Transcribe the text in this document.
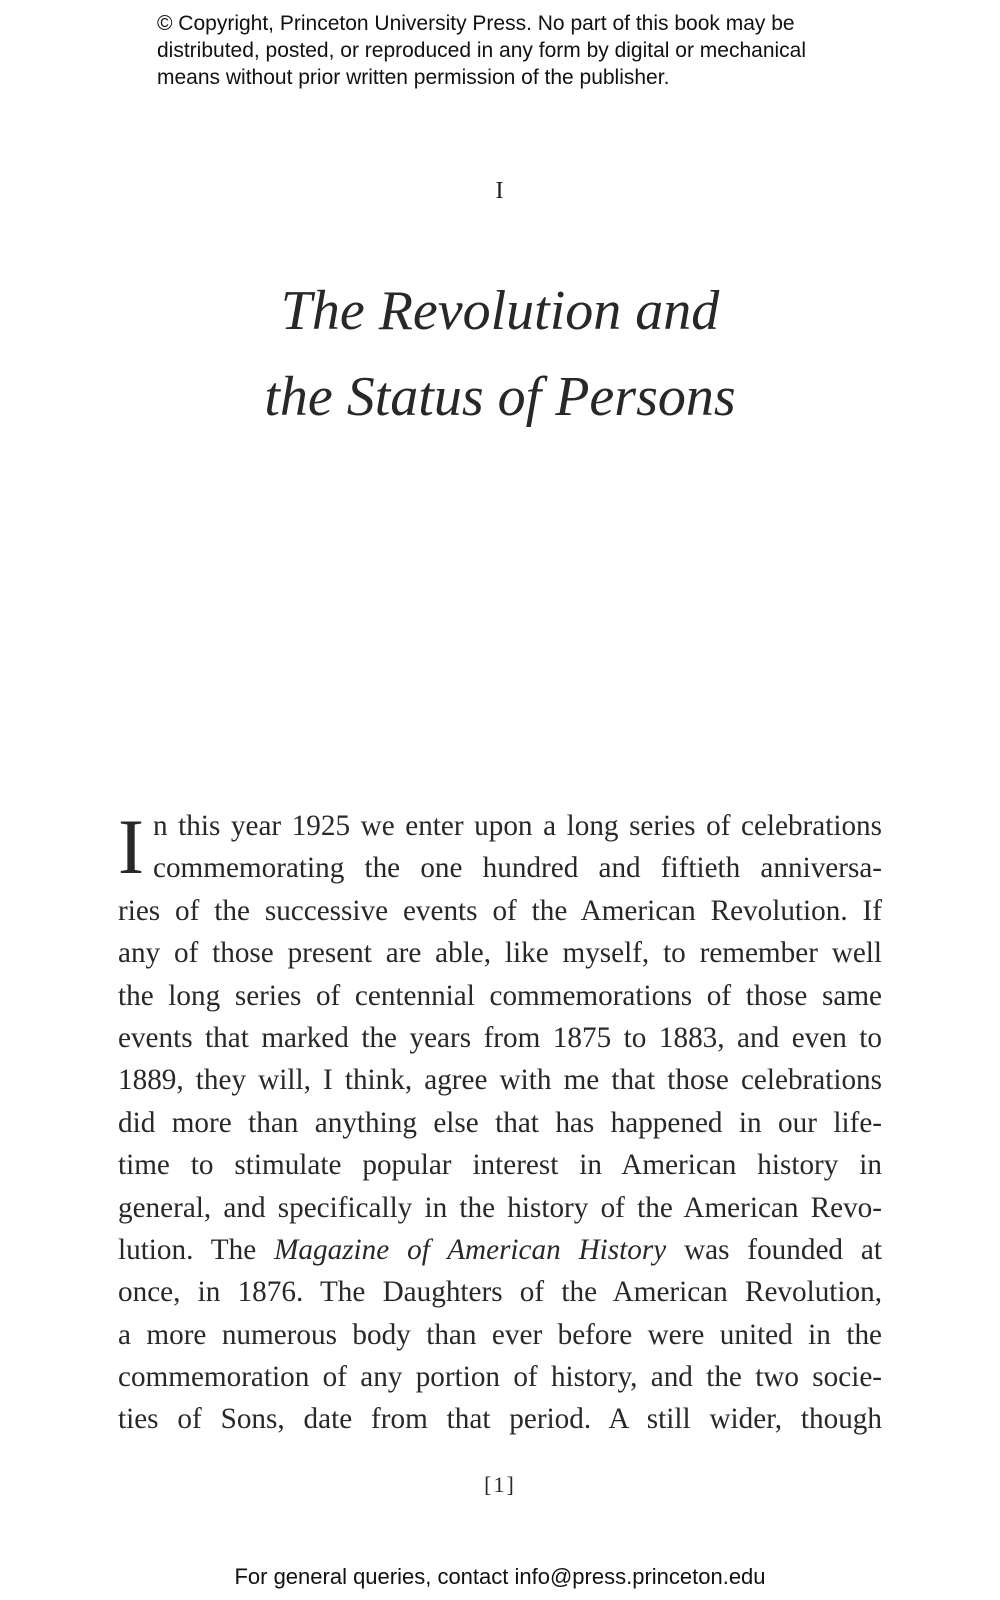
© Copyright, Princeton University Press. No part of this book may be
distributed, posted, or reproduced in any form by digital or mechanical
means without prior written permission of the publisher.
I
The Revolution and
the Status of Persons
I n this year 1925 we enter upon a long series of celebrations
commemorating the one hundred and fiftieth anniversa-
ries of the successive events of the American Revolution. If
any of those present are able, like myself, to remember well
the long series of centennial commemorations of those same
events that marked the years from 1875 to 1883, and even to
1889, they will, I think, agree with me that those celebrations
did more than anything else that has happened in our life-
time to stimulate popular interest in American history in
general, and specifically in the history of the American Revo-
lution. The Magazine of American History was founded at
once, in 1876. The Daughters of the American Revolution,
a more numerous body than ever before were united in the
commemoration of any portion of history, and the two socie-
ties of Sons, date from that period. A still wider, though
[1]
For general queries, contact info@press.princeton.edu
